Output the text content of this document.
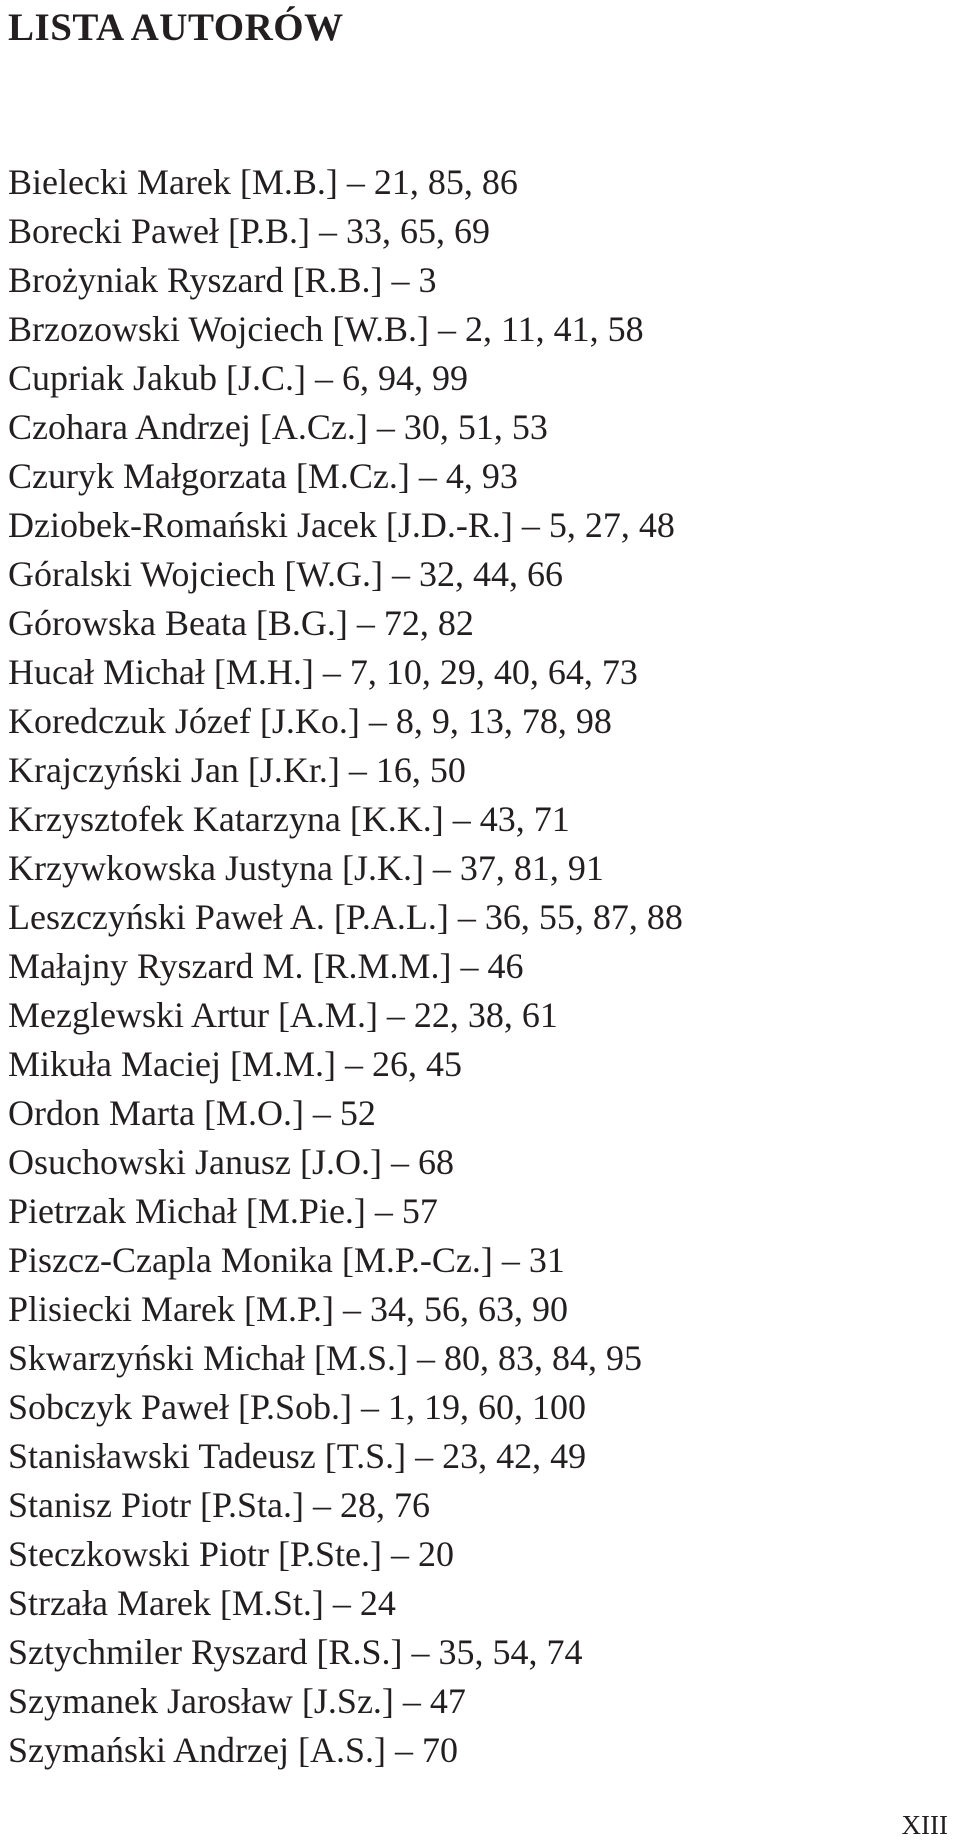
LISTA AUTORÓW
Bielecki Marek [M.B.] – 21, 85, 86
Borecki Paweł [P.B.] – 33, 65, 69
Brożyniak Ryszard [R.B.] – 3
Brzozowski Wojciech [W.B.] – 2, 11, 41, 58
Cupriak Jakub [J.C.] – 6, 94, 99
Czohara Andrzej [A.Cz.] – 30, 51, 53
Czuryk Małgorzata [M.Cz.] – 4, 93
Dziobek-Romański Jacek [J.D.-R.] – 5, 27, 48
Góralski Wojciech [W.G.] – 32, 44, 66
Górowska Beata [B.G.] – 72, 82
Hucał Michał [M.H.] – 7, 10, 29, 40, 64, 73
Koredczuk Józef [J.Ko.] – 8, 9, 13, 78, 98
Krajczyński Jan [J.Kr.] – 16, 50
Krzysztofek Katarzyna [K.K.] – 43, 71
Krzywkowska Justyna [J.K.] – 37, 81, 91
Leszczyński Paweł A. [P.A.L.] – 36, 55, 87, 88
Małajny Ryszard M. [R.M.M.] – 46
Mezglewski Artur [A.M.] – 22, 38, 61
Mikuła Maciej [M.M.] – 26, 45
Ordon Marta [M.O.] – 52
Osuchowski Janusz [J.O.] – 68
Pietrzak Michał [M.Pie.] – 57
Piszcz-Czapla Monika [M.P.-Cz.] – 31
Plisiecki Marek [M.P.] – 34, 56, 63, 90
Skwarzyński Michał [M.S.] – 80, 83, 84, 95
Sobczyk Paweł [P.Sob.] – 1, 19, 60, 100
Stanisławski Tadeusz [T.S.] – 23, 42, 49
Stanisz Piotr [P.Sta.] – 28, 76
Steczkowski Piotr [P.Ste.] – 20
Strzała Marek [M.St.] – 24
Sztychmiler Ryszard [R.S.] – 35, 54, 74
Szymanek Jarosław [J.Sz.] – 47
Szymański Andrzej [A.S.] – 70
XIII
